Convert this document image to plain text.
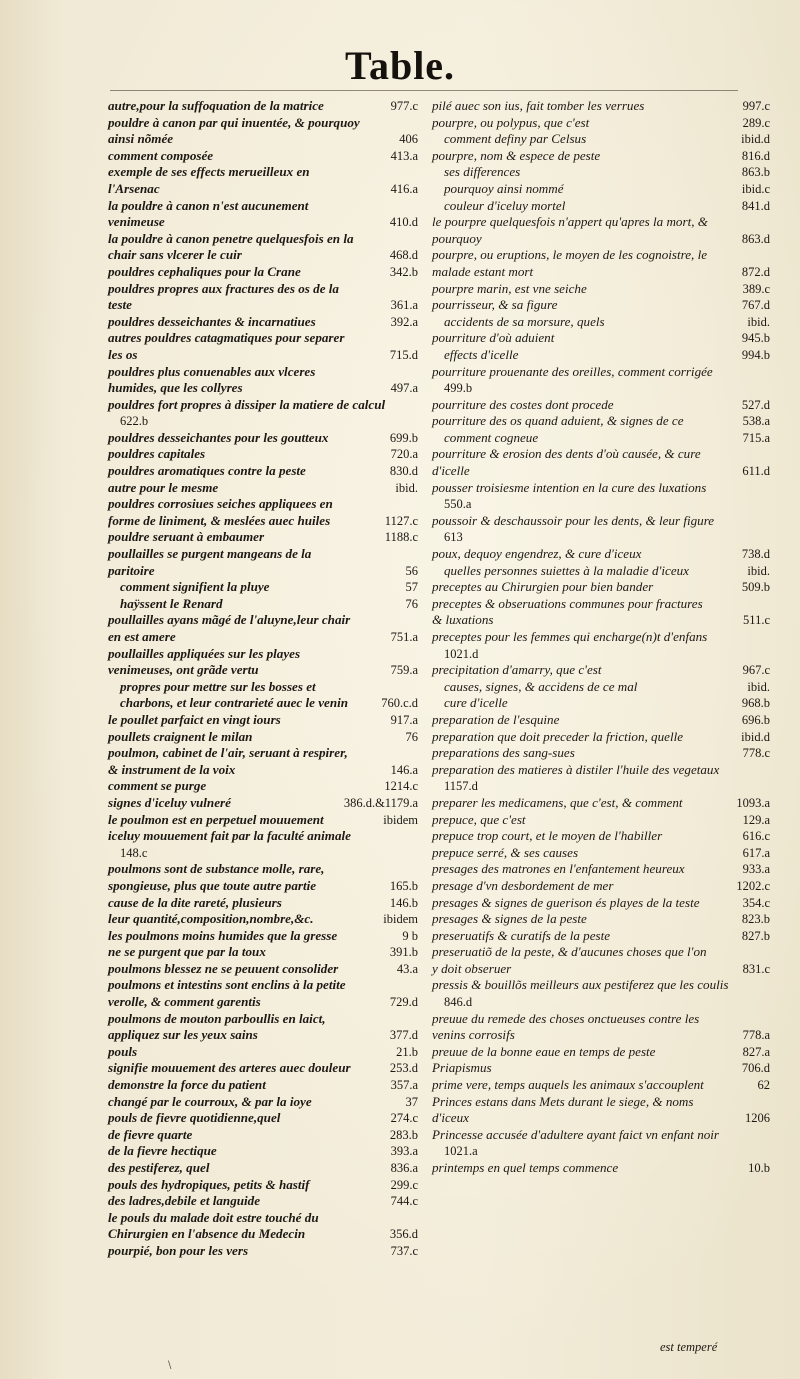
Table.
autre,pour la suffoquation de la matrice	977.c
pouldre à canon par qui inuentée, & pourquoy ainsi nõmée	406
comment composée	413.a
exemple de ses effects merueilleux en l'Arsenac	416.a
la pouldre à canon n'est aucunement venimeuse	410.d
la pouldre à canon penetre quelquesfois en la chair sans vlcerer le cuir	468.d
pouldres cephaliques pour la Crane	342.b
pouldres propres aux fractures des os de la teste	361.a
pouldres desseichantes & incarnatiues	392.a
autres pouldres catagmatiques pour separer les os	715.d
pouldres plus conuenables aux vlceres humides, que les collyres	497.a
pouldres fort propres à dissiper la matiere de calcul
622.b
pouldres desseichantes pour les goutteux	699.b
pouldres capitales	720.a
pouldres aromatiques contre la peste	830.d
autre pour le mesme	ibid.
pouldres corrosiues seiches appliquees en forme de liniment, & meslées auec huiles	1127.c
pouldre seruant à embaumer	1188.c
poullailles se purgent mangeans de la paritoire	56
comment signifient la pluye	57
haÿssent le Renard	76
poullailles ayans mãgé de l'aluyne,leur chair en est amere	751.a
poullailles appliquées sur les playes venimeuses, ont grãde vertu	759.a
propres pour mettre sur les bosses et charbons, et leur contrarieté auec le venin	760.c.d
le poullet parfaict en vingt iours	917.a
poullets craignent le milan	76
poulmon, cabinet de l'air, seruant à respirer, & instrument de la voix	146.a
comment se purge	1214.c
signes d'iceluy vulneré	386.d.&1179.a
le poulmon est en perpetuel mouuement	ibidem
iceluy mouuement fait par la faculté animale
148.c
poulmons sont de substance molle, rare, spongieuse, plus que toute autre partie	165.b
cause de la dite rareté, plusieurs	146.b
leur quantité,composition,nombre,&c.	ibidem
les poulmons moins humides que la gresse	9 b
ne se purgent que par la toux	391.b
poulmons blessez ne se peuuent consolider	43.a
poulmons et intestins sont enclins à la petite verolle, & comment garentis	729.d
poulmons de mouton parboullis en laict, appliquez sur les yeux sains	377.d
pouls	21.b
signifie mouuement des arteres auec douleur	253.d
demonstre la force du patient	357.a
changé par le courroux, & par la ioye	37
pouls de fievre quotidienne,quel	274.c
de fievre quarte	283.b
de la fievre hectique	393.a
des pestiferez, quel	836.a
pouls des hydropiques, petits & hastif	299.c
des ladres,debile et languide	744.c
le pouls du malade doit estre touché du Chirurgien en l'absence du Medecin	356.d
pourpié, bon pour les vers	737.c
pilé auec son ius, fait tomber les verrues	997.c
pourpre, ou polypus, que c'est	289.c
comment definy par Celsus	ibid.d
pourpre, nom & espece de peste	816.d
ses differences	863.b
pourquoy ainsi nommé	ibid.c
couleur d'iceluy mortel	841.d
le pourpre quelquesfois n'appert qu'apres la mort, & pourquoy	863.d
pourpre, ou eruptions, le moyen de les cognoistre, le malade estant mort	872.d
pourpre marin, est vne seiche	389.c
pourrisseur, & sa figure	767.d
accidents de sa morsure, quels	ibid.
pourriture d'où aduient	945.b
effects d'icelle	994.b
pourriture prouenante des oreilles, comment corrigée
499.b
pourriture des costes dont procede	527.d
pourriture des os quand aduient, & signes de ce	538.a
comment cogneue	715.a
pourriture & erosion des dents d'où causée, & cure d'icelle	611.d
pousser troisiesme intention en la cure des luxations
550.a
poussoir & deschaussoir pour les dents, & leur figure
613
poux, dequoy engendrez, & cure d'iceux	738.d
quelles personnes suiettes à la maladie d'iceux	ibid.
preceptes au Chirurgien pour bien bander	509.b
preceptes & obseruations communes pour fractures & luxations	511.c
preceptes pour les femmes qui encharge(n)t d'enfans
1021.d
precipitation d'amarry, que c'est	967.c
causes, signes, & accidens de ce mal	ibid.
cure d'icelle	968.b
preparation de l'esquine	696.b
preparation que doit preceder la friction, quelle	ibid.d
preparations des sang-sues	778.c
preparation des matieres à distiler l'huile des vegetaux
1157.d
preparer les medicamens, que c'est, & comment	1093.a
prepuce, que c'est	129.a
prepuce trop court, et le moyen de l'habiller	616.c
prepuce serré, & ses causes	617.a
presages des matrones en l'enfantement heureux	933.a
presage d'vn desbordement de mer	1202.c
presages & signes de guerison és playes de la teste	354.c
presages & signes de la peste	823.b
preseruatifs & curatifs de la peste	827.b
preseruatiõ de la peste, & d'aucunes choses que l'on y doit obseruer	831.c
pressis & bouillõs meilleurs aux pestiferez que les coulis
846.d
preuue du remede des choses onctueuses contre les venins corrosifs	778.a
preuue de la bonne eaue en temps de peste	827.a
Priapismus	706.d
prime vere, temps auquels les animaux s'accouplent	62
Princes estans dans Mets durant le siege, & noms d'iceux	1206
Princesse accusée d'adultere ayant faict vn enfant noir
1021.a
printemps en quel temps commence	10.b
est temperé
\
